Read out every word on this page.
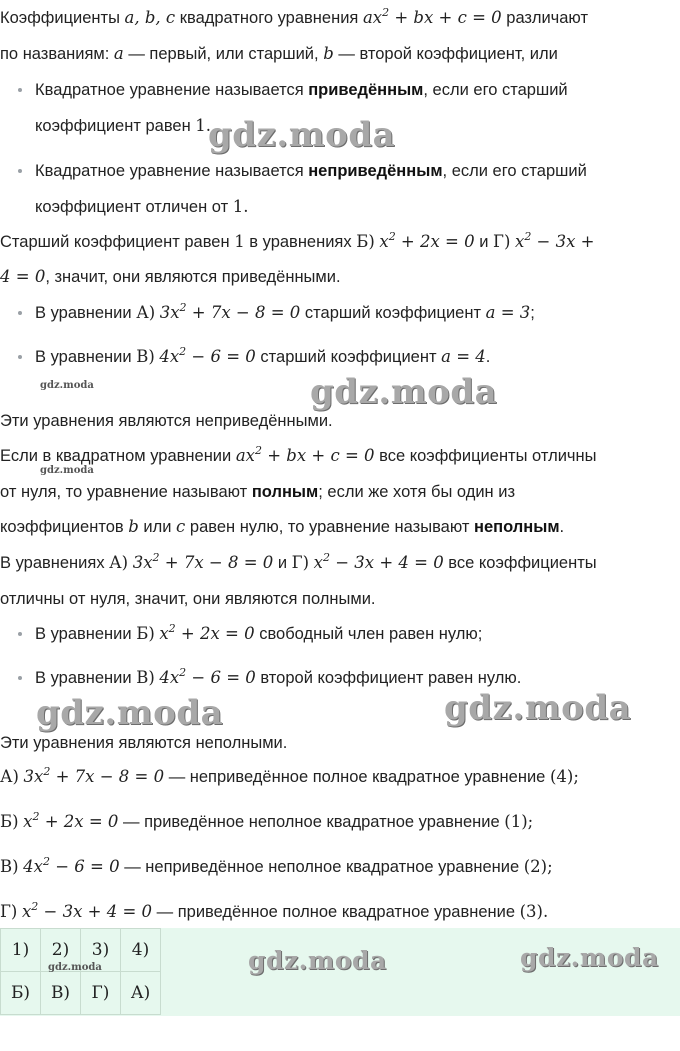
Коэффициенты a, b, c квадратного уравнения $ax^2$ + bx + c = 0 различают
по названиям: a — первый, или старший, b — второй коэффициент, или
Квадратное уравнение называется приведённым, если его старший
коэффициент равен 1.
Квадратное уравнение называется неприведённым, если его старший
коэффициент отличен от 1.
Старший коэффициент равен 1 в уравнениях Б) $x^2 + 2x = 0$ и Г) $x^2 - 3x$ +
4 = 0, значит, они являются приведёнными.
В уравнении А) $3x^2 + 7x - 8 = 0$ старший коэффициент a = 3;
В уравнении В) $4x^2 - 6 = 0$ старший коэффициент a = 4.
Эти уравнения являются неприведёнными.
Если в квадратном уравнении $ax^2$ + bx + c = 0 все коэффициенты отличны
от нуля, то уравнение называют полным; если же хотя бы один из
коэффициентов b или c равен нулю, то уравнение называют неполным.
В уравнениях А) $3x^2 + 7x - 8 = 0$ и Г) $x^2 - 3x + 4 = 0$ все коэффициенты
отличны от нуля, значит, они являются полными.
В уравнении Б) $x^2 + 2x = 0$ свободный член равен нулю;
В уравнении В) $4x^2 - 6 = 0$ второй коэффициент равен нулю.
Эти уравнения являются неполными.
А) $3x^2 + 7x - 8 = 0$ — неприведённое полное квадратное уравнение (4);
Б) $x^2 + 2x = 0$ — приведённое неполное квадратное уравнение (1);
В) $4x^2 - 6 = 0$ — неприведённое неполное квадратное уравнение (2);
Г) $x^2 - 3x + 4 = 0$ — приведённое полное квадратное уравнение (3).
1)	2)	3)	4)
Б)	В)	Г)	А)
gdz.moda
gdz.moda	gdz.moda
gdz.moda
gdz.moda	gdz.moda
gdz.moda	gdz.moda	gdz.moda
